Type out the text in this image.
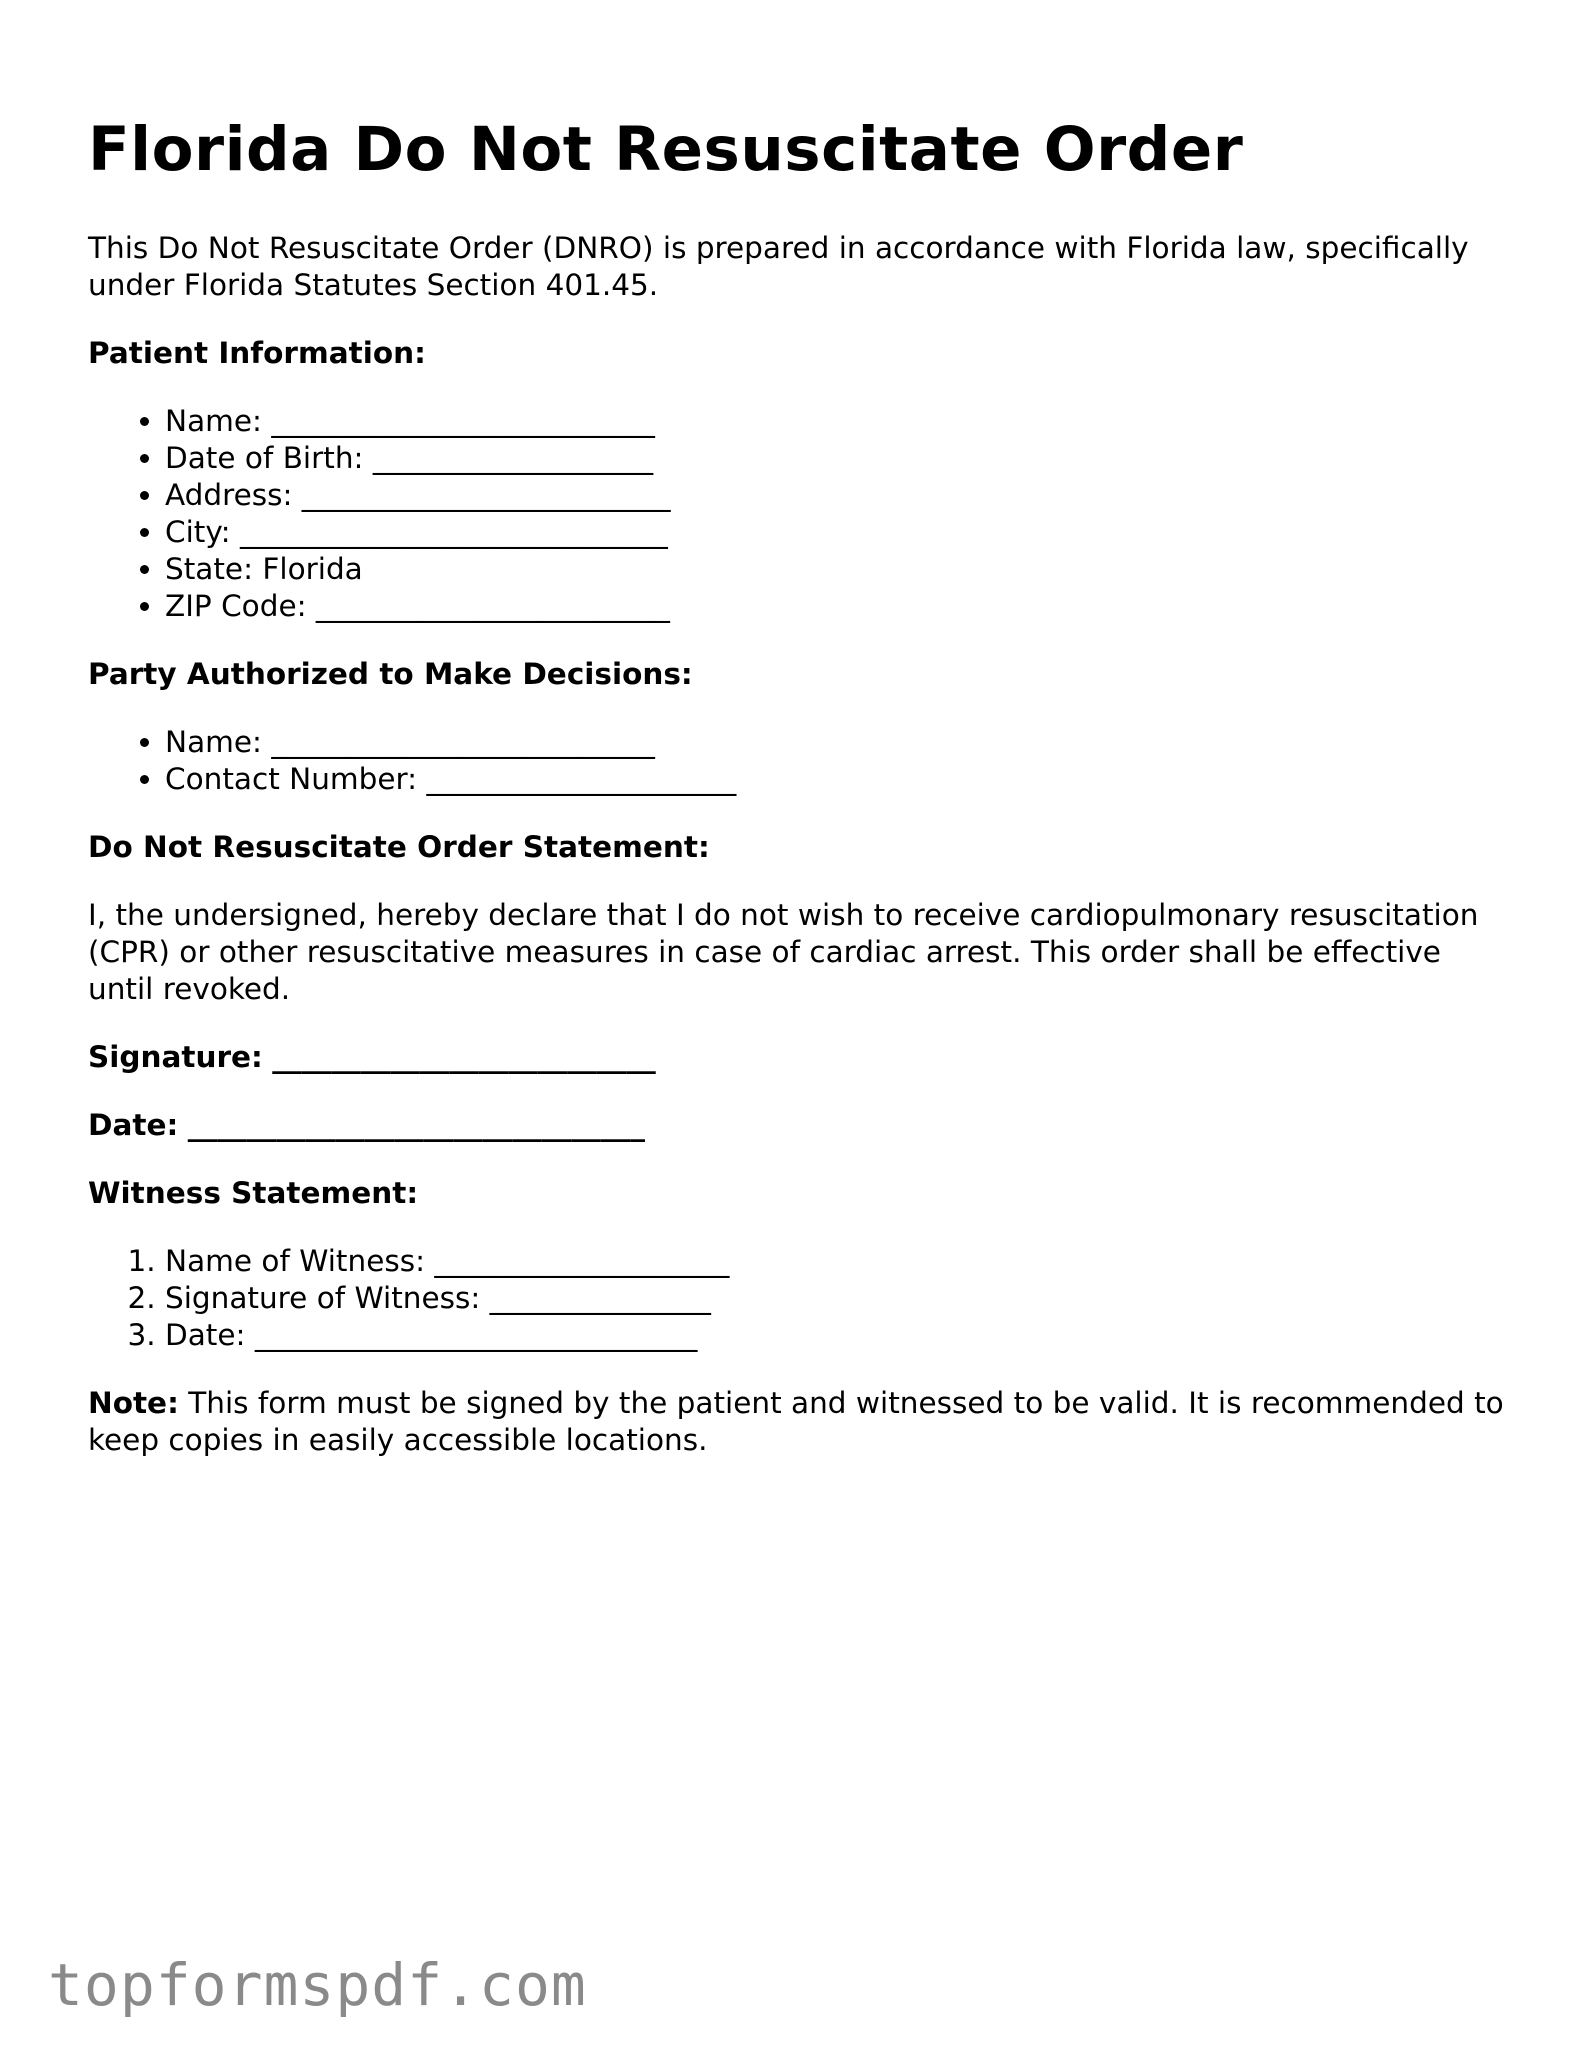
Florida Do Not Resuscitate Order

This Do Not Resuscitate Order (DNRO) is prepared in accordance with Florida law, specifically under Florida Statutes Section 401.45.

Patient Information:
• Name: __________________________
• Date of Birth: ___________________
• Address: _________________________
• City: _____________________________
• State: Florida
• ZIP Code: ________________________
Party Authorized to Make Decisions:
• Name: __________________________
• Contact Number: _____________________
Do Not Resuscitate Order Statement:

I, the undersigned, hereby declare that I do not wish to receive cardiopulmonary resuscitation (CPR) or other resuscitative measures in case of cardiac arrest. This order shall be effective until revoked.

Signature: __________________________

Date: _______________________________

Witness Statement:
1. Name of Witness: ____________________
2. Signature of Witness: _______________
3. Date: ______________________________

Note: This form must be signed by the patient and witnessed to be valid. It is recommended to keep copies in easily accessible locations.

topformspdf.com
